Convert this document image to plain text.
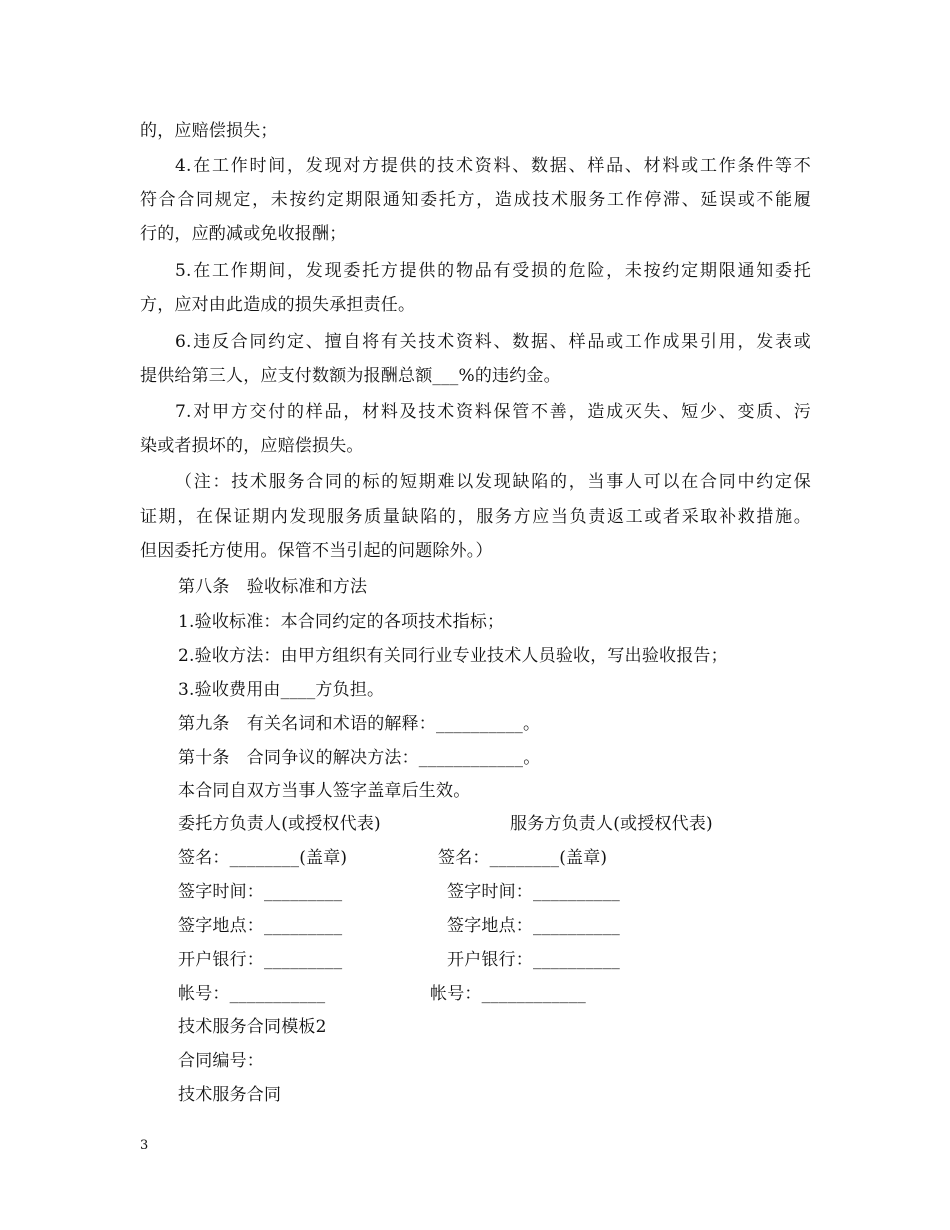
的，应赔偿损失；
4.在工作时间，发现对方提供的技术资料、数据、样品、材料或工作条件等不
符合合同规定，未按约定期限通知委托方，造成技术服务工作停滞、延误或不能履
行的，应酌减或免收报酬；
5.在工作期间，发现委托方提供的物品有受损的危险，未按约定期限通知委托
方，应对由此造成的损失承担责任。
6.违反合同约定、擅自将有关技术资料、数据、样品或工作成果引用，发表或
提供给第三人，应支付数额为报酬总额___%的违约金。
7.对甲方交付的样品，材料及技术资料保管不善，造成灭失、短少、变质、污
染或者损坏的，应赔偿损失。
（注：技术服务合同的标的短期难以发现缺陷的，当事人可以在合同中约定保
证期，在保证期内发现服务质量缺陷的，服务方应当负责返工或者采取补救措施。
但因委托方使用。保管不当引起的问题除外。）
第八条　验收标准和方法
1.验收标准：本合同约定的各项技术指标；
2.验收方法：由甲方组织有关同行业专业技术人员验收，写出验收报告；
3.验收费用由____方负担。
第九条　有关名词和术语的解释：__________。
第十条　合同争议的解决方法：____________。
本合同自双方当事人签字盖章后生效。
委托方负责人(或授权代表)	服务方负责人(或授权代表)
签名：________(盖章)	签名：________(盖章)
签字时间：_________	签字时间：__________
签字地点：_________	签字地点：__________
开户银行：_________	开户银行：__________
帐号：___________	帐号：____________
技术服务合同模板2
合同编号：
技术服务合同
3
